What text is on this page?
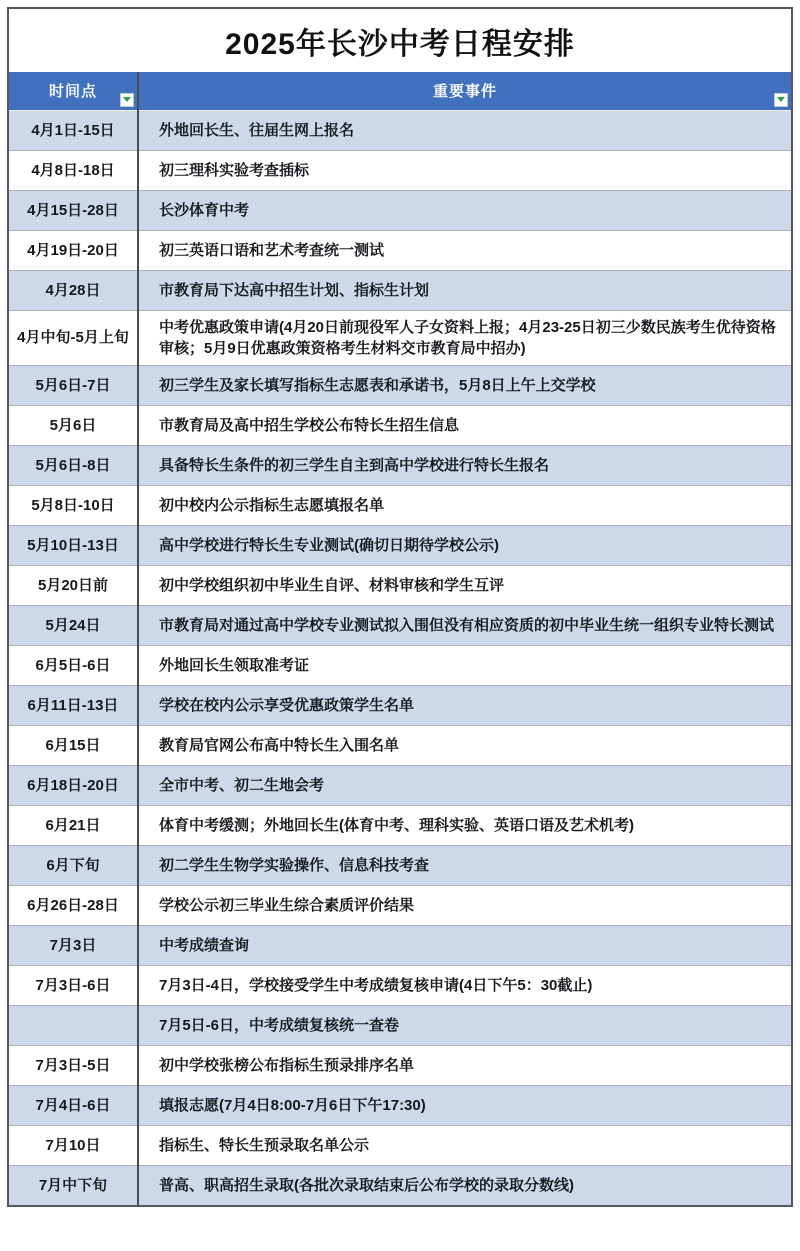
2025年长沙中考日程安排
时间点	重要事件

4月1日-15日	外地回长生、往届生网上报名
4月8日-18日	初三理科实验考查插标
4月15日-28日	长沙体育中考
4月19日-20日	初三英语口语和艺术考查统一测试
4月28日	市教育局下达高中招生计划、指标生计划
4月中旬-5月上旬	中考优惠政策申请(4月20日前现役军人子女资料上报；4月23-25日初三少数民族考生优待资格审核；5月9日优惠政策资格考生材料交市教育局中招办)
5月6日-7日	初三学生及家长填写指标生志愿表和承诺书，5月8日上午上交学校
5月6日	市教育局及高中招生学校公布特长生招生信息
5月6日-8日	具备特长生条件的初三学生自主到高中学校进行特长生报名
5月8日-10日	初中校内公示指标生志愿填报名单
5月10日-13日	高中学校进行特长生专业测试(确切日期待学校公示)
5月20日前	初中学校组织初中毕业生自评、材料审核和学生互评
5月24日	市教育局对通过高中学校专业测试拟入围但没有相应资质的初中毕业生统一组织专业特长测试
6月5日-6日	外地回长生领取准考证
6月11日-13日	学校在校内公示享受优惠政策学生名单
6月15日	教育局官网公布高中特长生入围名单
6月18日-20日	全市中考、初二生地会考
6月21日	体育中考缓测；外地回长生(体育中考、理科实验、英语口语及艺术机考)
6月下旬	初二学生生物学实验操作、信息科技考查
6月26日-28日	学校公示初三毕业生综合素质评价结果
7月3日	中考成绩查询
7月3日-6日	7月3日-4日，学校接受学生中考成绩复核申请(4日下午5：30截止)
	7月5日-6日，中考成绩复核统一查卷
7月3日-5日	初中学校张榜公布指标生预录排序名单
7月4日-6日	填报志愿(7月4日8:00-7月6日下午17:30)
7月10日	指标生、特长生预录取名单公示
7月中下旬	普高、职高招生录取(各批次录取结束后公布学校的录取分数线)
